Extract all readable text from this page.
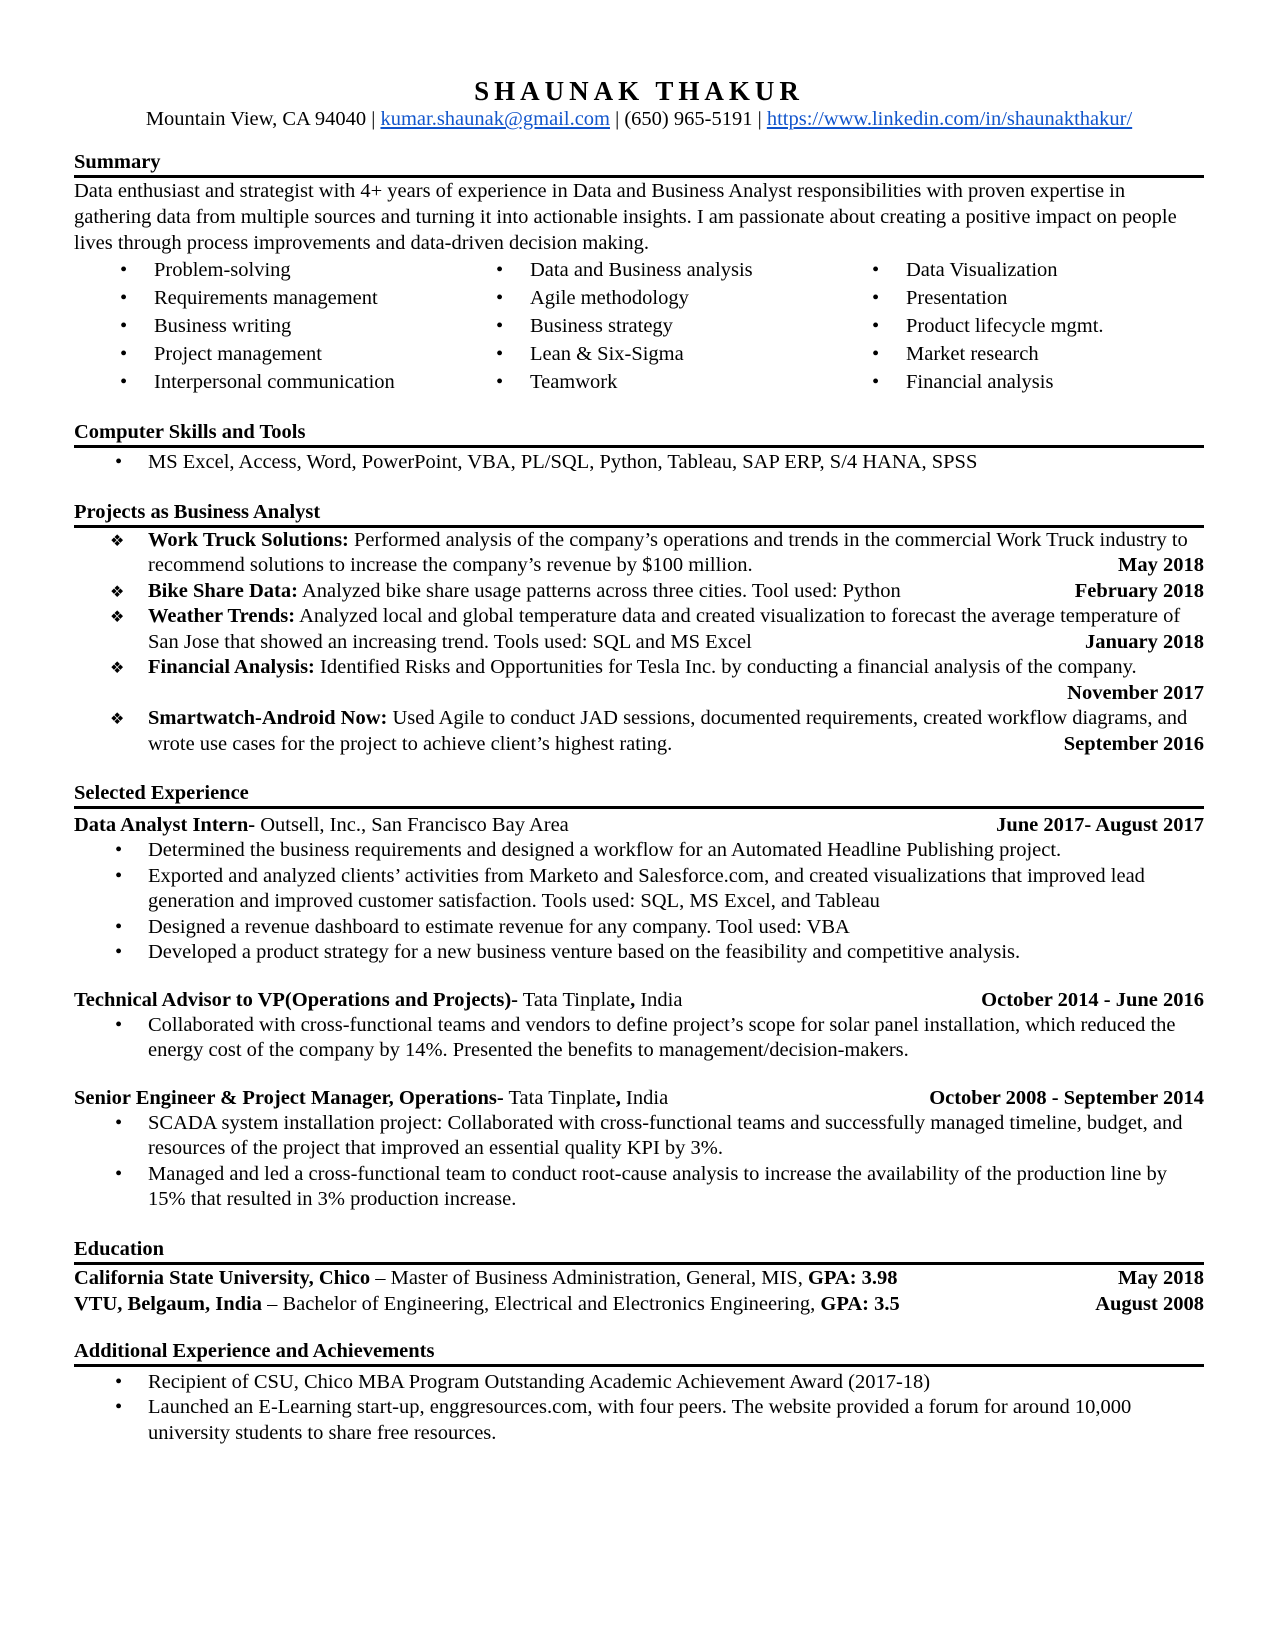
SHAUNAK THAKUR
Mountain View, CA 94040 | kumar.shaunak@gmail.com | (650) 965-5191 | https://www.linkedin.com/in/shaunakthakur/
Summary

Data enthusiast and strategist with 4+ years of experience in Data and Business Analyst responsibilities with proven expertise in gathering data from multiple sources and turning it into actionable insights. I am passionate about creating a positive impact on people lives through process improvements and data-driven decision making.

• Problem-solving
• Requirements management
• Business writing
• Project management
• Interpersonal communication
• Data and Business analysis
• Agile methodology
• Business strategy
• Lean & Six-Sigma
• Teamwork
• Data Visualization
• Presentation
• Product lifecycle mgmt.
• Market research
• Financial analysis
Computer Skills and Tools
• MS Excel, Access, Word, PowerPoint, VBA, PL/SQL, Python, Tableau, SAP ERP, S/4 HANA, SPSS
Projects as Business Analyst
❖ Work Truck Solutions: Performed analysis of the company’s operations and trends in the commercial Work Truck industry to recommend solutions to increase the company’s revenue by $100 million.	May 2018
❖ Bike Share Data: Analyzed bike share usage patterns across three cities. Tool used: Python	February 2018
❖ Weather Trends: Analyzed local and global temperature data and created visualization to forecast the average temperature of San Jose that showed an increasing trend. Tools used: SQL and MS Excel	January 2018
❖ Financial Analysis: Identified Risks and Opportunities for Tesla Inc. by conducting a financial analysis of the company.
November 2017
❖ Smartwatch-Android Now: Used Agile to conduct JAD sessions, documented requirements, created workflow diagrams, and wrote use cases for the project to achieve client’s highest rating.	September 2016
Selected Experience
Data Analyst Intern- Outsell, Inc., San Francisco Bay Area	June 2017- August 2017
• Determined the business requirements and designed a workflow for an Automated Headline Publishing project.
• Exported and analyzed clients’ activities from Marketo and Salesforce.com, and created visualizations that improved lead generation and improved customer satisfaction. Tools used: SQL, MS Excel, and Tableau
• Designed a revenue dashboard to estimate revenue for any company. Tool used: VBA
• Developed a product strategy for a new business venture based on the feasibility and competitive analysis.
Technical Advisor to VP(Operations and Projects)- Tata Tinplate, India	October 2014 - June 2016
• Collaborated with cross-functional teams and vendors to define project’s scope for solar panel installation, which reduced the energy cost of the company by 14%. Presented the benefits to management/decision-makers.
Senior Engineer & Project Manager, Operations- Tata Tinplate, India	October 2008 - September 2014
• SCADA system installation project: Collaborated with cross-functional teams and successfully managed timeline, budget, and resources of the project that improved an essential quality KPI by 3%.
• Managed and led a cross-functional team to conduct root-cause analysis to increase the availability of the production line by 15% that resulted in 3% production increase.
Education
California State University, Chico – Master of Business Administration, General, MIS, GPA: 3.98	May 2018
VTU, Belgaum, India – Bachelor of Engineering, Electrical and Electronics Engineering, GPA: 3.5	August 2008
Additional Experience and Achievements
• Recipient of CSU, Chico MBA Program Outstanding Academic Achievement Award (2017-18)
• Launched an E-Learning start-up, enggresources.com, with four peers. The website provided a forum for around 10,000 university students to share free resources.
